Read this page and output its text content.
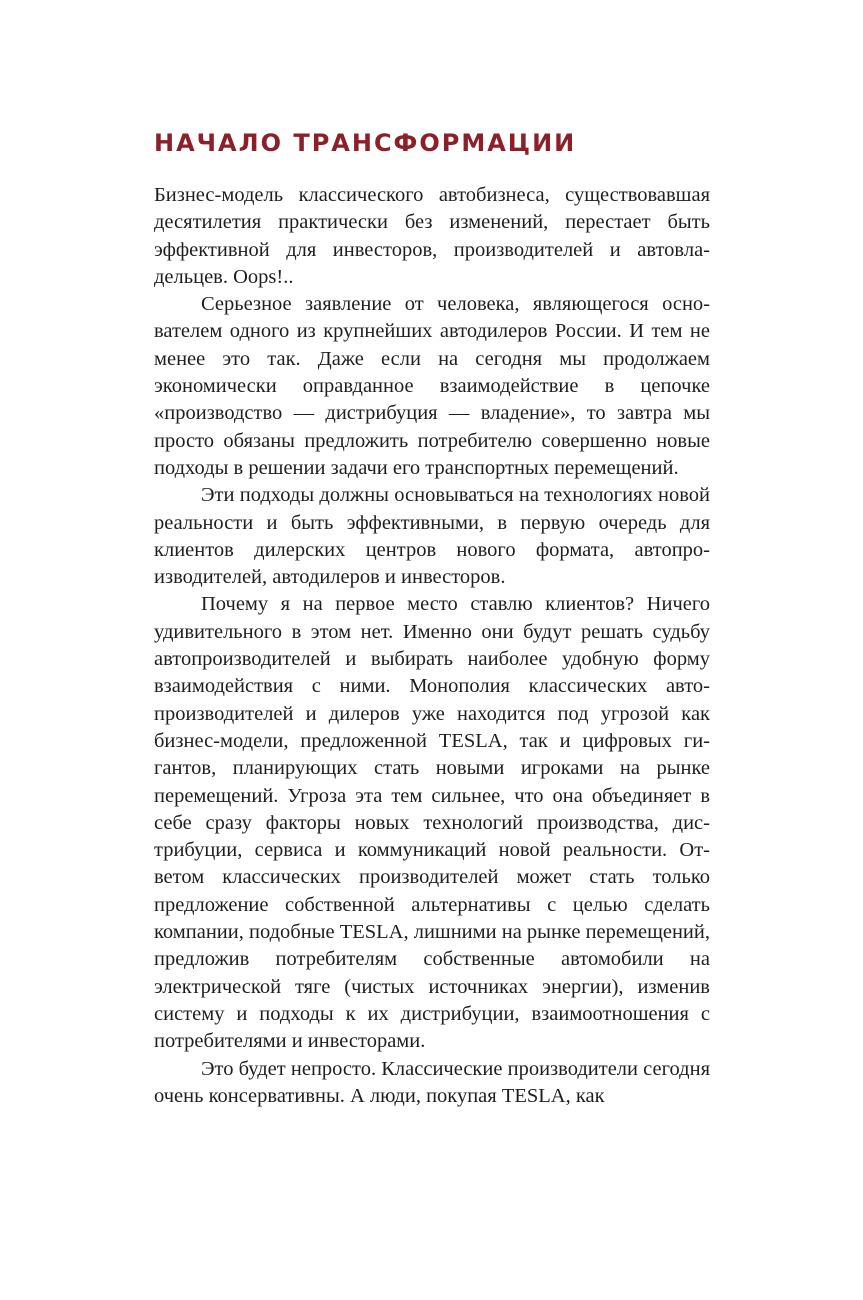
НАЧАЛО ТРАНСФОРМАЦИИ

Бизнес-модель классического автобизнеса, существовавшая десятилетия практически без изменений, перестает быть эффективной для инвесторов, производителей и автовладельцев. Oops!..

Серьезное заявление от человека, являющегося основателем одного из крупнейших автодилеров России. И тем не менее это так. Даже если на сегодня мы продолжаем экономически оправданное взаимодействие в цепочке «производство — дистрибуция — владение», то завтра мы просто обязаны предложить потребителю совершенно новые подходы в решении задачи его транспортных перемещений.

Эти подходы должны основываться на технологиях новой реальности и быть эффективными, в первую очередь для клиентов дилерских центров нового формата, автопроизводителей, автодилеров и инвесторов.

Почему я на первое место ставлю клиентов? Ничего удивительного в этом нет. Именно они будут решать судьбу автопроизводителей и выбирать наиболее удобную форму взаимодействия с ними. Монополия классических автопроизводителей и дилеров уже находится под угрозой как бизнес-модели, предложенной TESLA, так и цифровых гигантов, планирующих стать новыми игроками на рынке перемещений. Угроза эта тем сильнее, что она объединяет в себе сразу факторы новых технологий производства, дистрибуции, сервиса и коммуникаций новой реальности. Ответом классических производителей может стать только предложение собственной альтернативы с целью сделать компании, подобные TESLA, лишними на рынке перемещений, предложив потребителям собственные автомобили на электрической тяге (чистых источниках энергии), изменив систему и подходы к их дистрибуции, взаимоотношения с потребителями и инвесторами.

Это будет непросто. Классические производители сегодня очень консервативны. А люди, покупая TESLA, как
